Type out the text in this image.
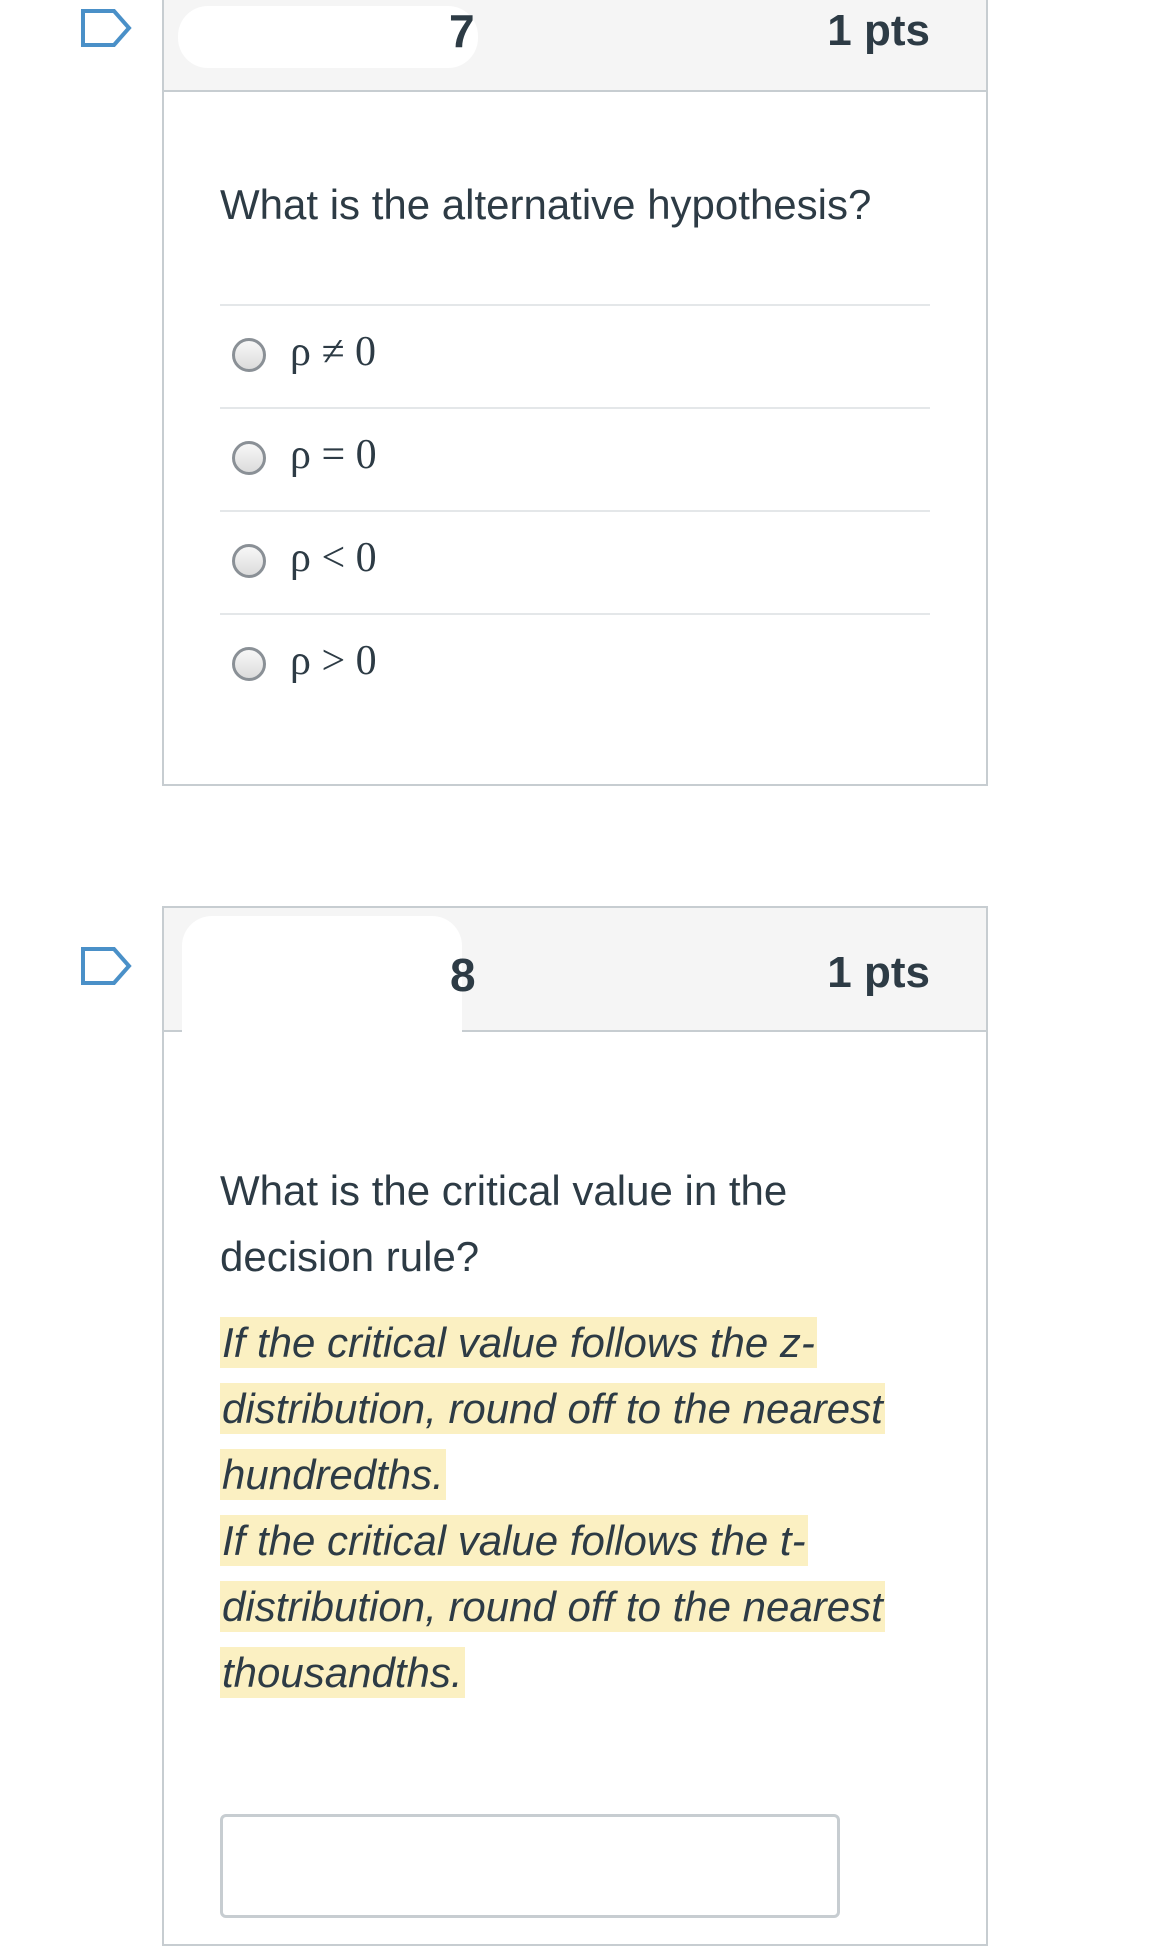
7	1 pts
What is the alternative hypothesis?
ρ ≠ 0
ρ = 0
ρ < 0
ρ > 0
8	1 pts
What is the critical value in the
decision rule?
If the critical value follows the z-
distribution, round off to the nearest
hundredths.
If the critical value follows the t-
distribution, round off to the nearest
thousandths.
